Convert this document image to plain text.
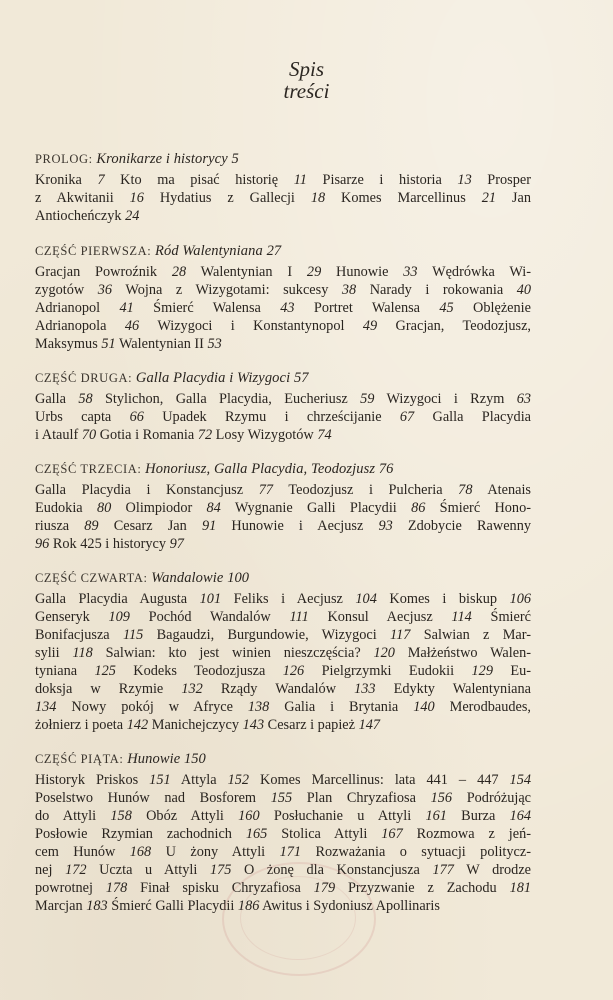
Spis
treści
PROLOG: Kronikarze i historycy 5
Kronika 7 Kto ma pisać historię 11 Pisarze i historia 13 Prosper
z Akwitanii 16 Hydatius z Gallecji 18 Komes Marcellinus 21 Jan
Antiocheńczyk 24
CZĘŚĆ PIERWSZA: Ród Walentyniana 27
Gracjan Powroźnik 28 Walentynian I 29 Hunowie 33 Wędrówka Wi-
zygotów 36 Wojna z Wizygotami: sukcesy 38 Narady i rokowania 40
Adrianopol 41 Śmierć Walensa 43 Portret Walensa 45 Oblężenie
Adrianopola 46 Wizygoci i Konstantynopol 49 Gracjan, Teodozjusz,
Maksymus 51 Walentynian II 53
CZĘŚĆ DRUGA: Galla Placydia i Wizygoci 57
Galla 58 Stylichon, Galla Placydia, Eucheriusz 59 Wizygoci i Rzym 63
Urbs capta 66 Upadek Rzymu i chrześcijanie 67 Galla Placydia
i Ataulf 70 Gotia i Romania 72 Losy Wizygotów 74
CZĘŚĆ TRZECIA: Honoriusz, Galla Placydia, Teodozjusz 76
Galla Placydia i Konstancjusz 77 Teodozjusz i Pulcheria 78 Atenais
Eudokia 80 Olimpiodor 84 Wygnanie Galli Placydii 86 Śmierć Hono-
riusza 89 Cesarz Jan 91 Hunowie i Aecjusz 93 Zdobycie Rawenny
96 Rok 425 i historycy 97
CZĘŚĆ CZWARTA: Wandalowie 100
Galla Placydia Augusta 101 Feliks i Aecjusz 104 Komes i biskup 106
Genseryk 109 Pochód Wandalów 111 Konsul Aecjusz 114 Śmierć
Bonifacjusza 115 Bagaudzi, Burgundowie, Wizygoci 117 Salwian z Mar-
sylii 118 Salwian: kto jest winien nieszczęścia? 120 Małżeństwo Walen-
tyniana 125 Kodeks Teodozjusza 126 Pielgrzymki Eudokii 129 Eu-
doksja w Rzymie 132 Rządy Wandalów 133 Edykty Walentyniana
134 Nowy pokój w Afryce 138 Galia i Brytania 140 Merodbaudes,
żołnierz i poeta 142 Manichejczycy 143 Cesarz i papież 147
CZĘŚĆ PIĄTA: Hunowie 150
Historyk Priskos 151 Attyla 152 Komes Marcellinus: lata 441 – 447 154
Poselstwo Hunów nad Bosforem 155 Plan Chryzafiosa 156 Podróżując
do Attyli 158 Obóz Attyli 160 Posłuchanie u Attyli 161 Burza 164
Posłowie Rzymian zachodnich 165 Stolica Attyli 167 Rozmowa z jeń-
cem Hunów 168 U żony Attyli 171 Rozważania o sytuacji politycz-
nej 172 Uczta u Attyli 175 O żonę dla Konstancjusza 177 W drodze
powrotnej 178 Finał spisku Chryzafiosa 179 Przyzwanie z Zachodu 181
Marcjan 183 Śmierć Galli Placydii 186 Awitus i Sydoniusz Apollinaris
